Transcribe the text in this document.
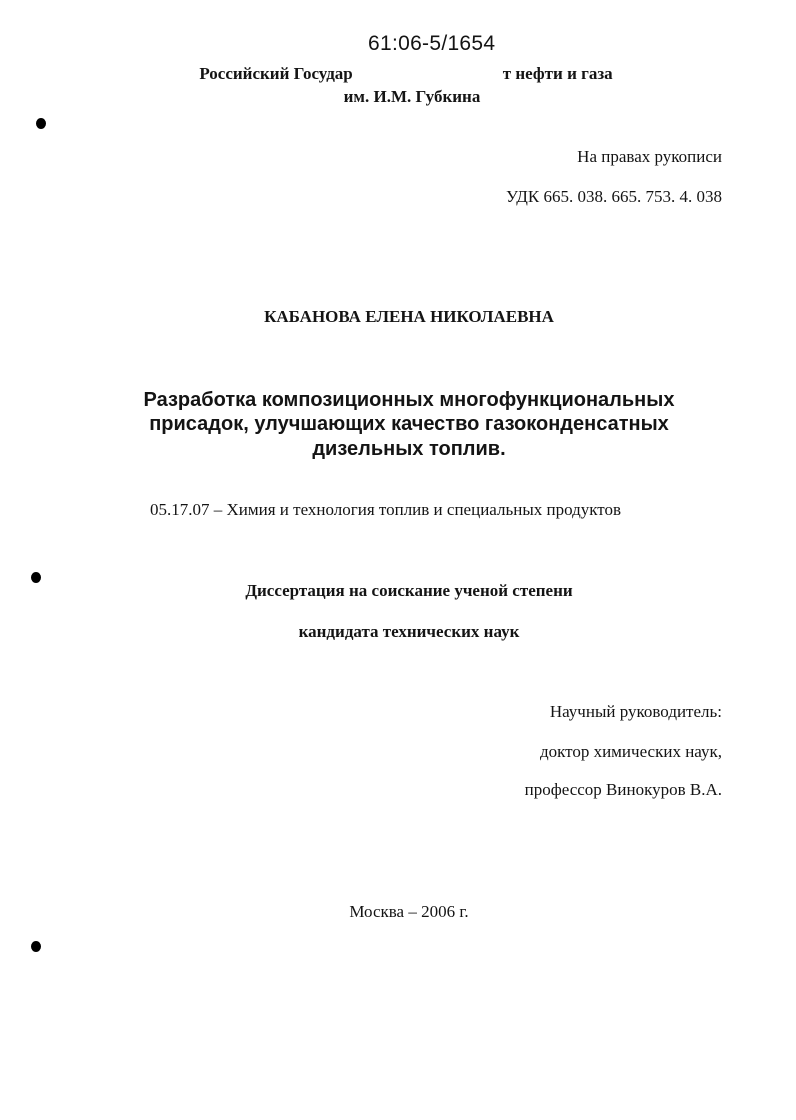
61:06-5/1654
Российский Государ	т нефти и газа
им. И.М. Губкина
На правах рукописи
УДК 665. 038. 665. 753. 4. 038
КАБАНОВА ЕЛЕНА НИКОЛАЕВНА
Разработка композиционных многофункциональных
присадок, улучшающих качество газоконденсатных
дизельных топлив.
05.17.07 – Химия и технология топлив и специальных продуктов
Диссертация на соискание ученой степени
кандидата технических наук
Научный руководитель:
доктор химических наук,
профессор Винокуров В.А.
Москва – 2006 г.
